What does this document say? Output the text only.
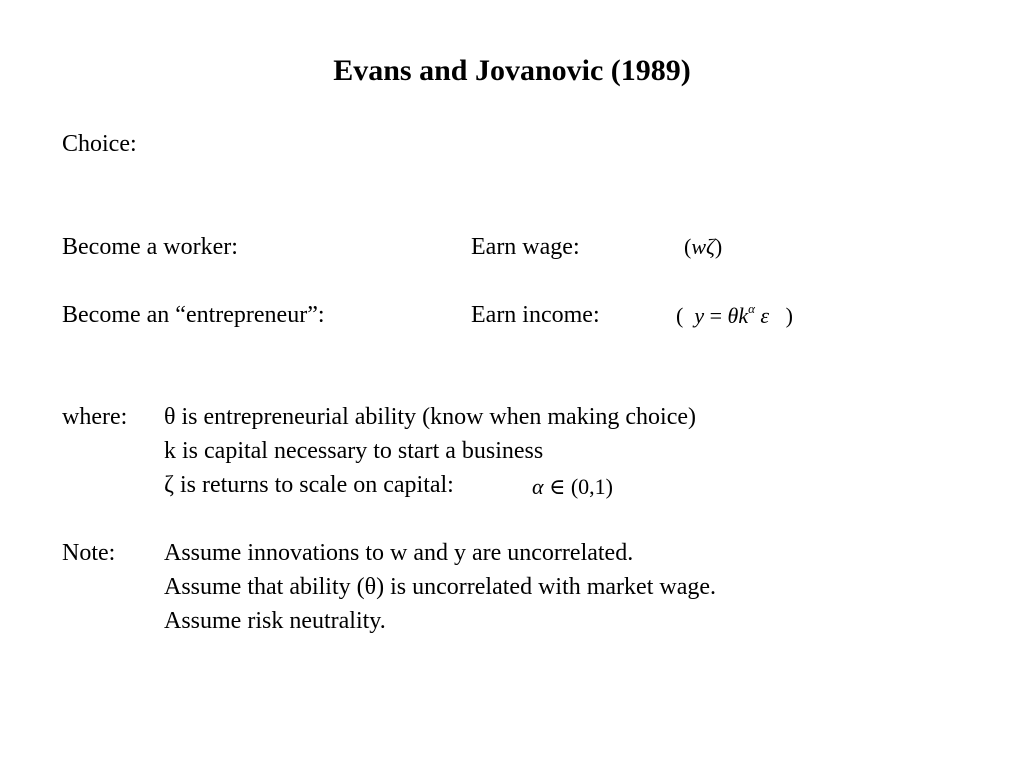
Evans and Jovanovic (1989)
Choice:
Become a worker:	Earn wage:	(wζ)
Become an “entrepreneur”:	Earn income:	( $y = \theta k^\alpha$ ε )
where: θ is entrepreneurial ability (know when making choice)
k is capital necessary to start a business
ζ is returns to scale on capital:	α ∈ (0,1)
Note: Assume innovations to w and y are uncorrelated.
Assume that ability (θ) is uncorrelated with market wage.
Assume risk neutrality.
